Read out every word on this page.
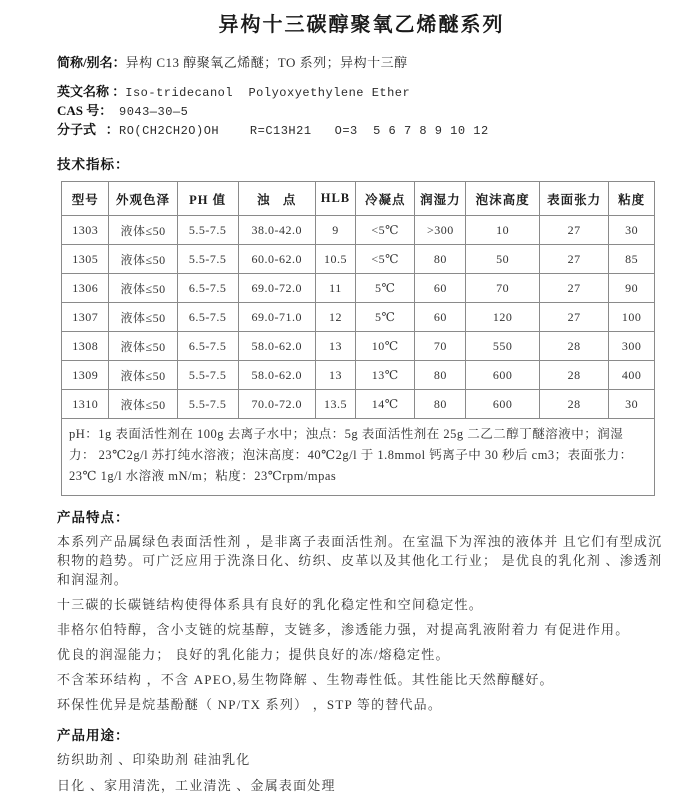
异构十三碳醇聚氧乙烯醚系列

简称/别名：异构 C13 醇聚氧乙烯醚；TO 系列；异构十三醇

英文名称 ：Iso-tridecanol  Polyoxyethylene Ether

CAS 号： 9043—30—5

分子式   ：RO(CH2CH2O)OH    R=C13H21   O=3  5 6 7 8 9 10 12

技术指标：
型号	外观色泽	PH 值	浊   点	HLB	冷凝点	润湿力	泡沫高度	表面张力	粘度
1303	液体≤50	5.5-7.5	38.0-42.0	9	<5℃	>300	10	27	30
1305	液体≤50	5.5-7.5	60.0-62.0	10.5	<5℃	80	50	27	85
1306	液体≤50	6.5-7.5	69.0-72.0	11	5℃	60	70	27	90
1307	液体≤50	6.5-7.5	69.0-71.0	12	5℃	60	120	27	100
1308	液体≤50	6.5-7.5	58.0-62.0	13	10℃	70	550	28	300
1309	液体≤50	5.5-7.5	58.0-62.0	13	13℃	80	600	28	400
1310	液体≤50	5.5-7.5	70.0-72.0	13.5	14℃	80	600	28	30
pH：1g 表面活性剂在 100g 去离子水中；浊点：5g 表面活性剂在 25g 二乙二醇丁醚溶液中；润湿力： 23℃2g/l 苏打纯水溶液；泡沫高度：40℃2g/l 于 1.8mmol 钙离子中 30 秒后 cm3；表面张力：23℃ 1g/l 水溶液 mN/m；粘度：23℃rpm/mpas
产品特点：

本系列产品属绿色表面活性剂 ，是非离子表面活性剂。在室温下为浑浊的液体并 且它们有型成沉积物的趋势。可广泛应用于洗涤日化、纺织、皮革以及其他化工行业； 是优良的乳化剂 、渗透剂和润湿剂。

十三碳的长碳链结构使得体系具有良好的乳化稳定性和空间稳定性。

非格尔伯特醇，含小支链的烷基醇，支链多，渗透能力强，对提高乳液附着力 有促进作用。

优良的润湿能力； 良好的乳化能力；提供良好的冻/熔稳定性。

不含苯环结构 ，不含 APEO,易生物降解 、生物毒性低。其性能比天然醇醚好。

环保性优异是烷基酚醚（ NP/TX 系列） ，STP 等的替代品。

产品用途：

纺织助剂 、印染助剂 硅油乳化

日化 、家用清洗，工业清洗 、金属表面处理
